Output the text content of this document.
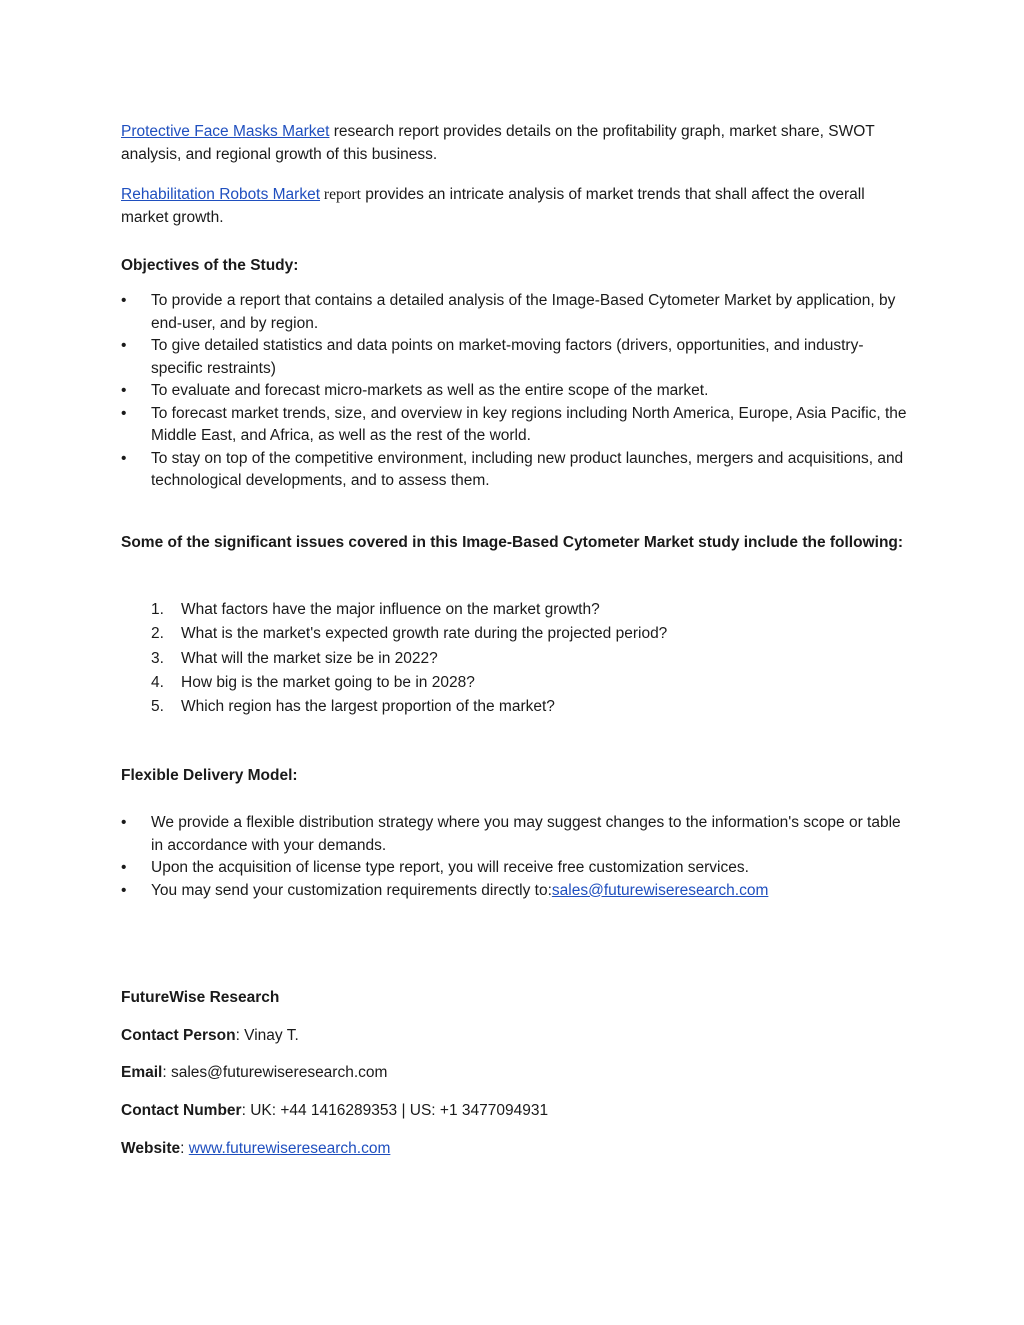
Protective Face Masks Market research report provides details on the profitability graph, market share, SWOT analysis, and regional growth of this business.

Rehabilitation Robots Market report provides an intricate analysis of market trends that shall affect the overall market growth.

Objectives of the Study:

• To provide a report that contains a detailed analysis of the Image-Based Cytometer Market by application, by end-user, and by region.
• To give detailed statistics and data points on market-moving factors (drivers, opportunities, and industry-specific restraints)
• To evaluate and forecast micro-markets as well as the entire scope of the market.
• To forecast market trends, size, and overview in key regions including North America, Europe, Asia Pacific, the Middle East, and Africa, as well as the rest of the world.
• To stay on top of the competitive environment, including new product launches, mergers and acquisitions, and technological developments, and to assess them.

Some of the significant issues covered in this Image-Based Cytometer Market study include the following:

1. What factors have the major influence on the market growth?
2. What is the market's expected growth rate during the projected period?
3. What will the market size be in 2022?
4. How big is the market going to be in 2028?
5. Which region has the largest proportion of the market?

Flexible Delivery Model:

• We provide a flexible distribution strategy where you may suggest changes to the information's scope or table in accordance with your demands.
• Upon the acquisition of license type report, you will receive free customization services.
• You may send your customization requirements directly to:sales@futurewiseresearch.com

FutureWise Research

Contact Person: Vinay T.

Email: sales@futurewiseresearch.com

Contact Number: UK: +44 1416289353 | US: +1 3477094931

Website: www.futurewiseresearch.com
